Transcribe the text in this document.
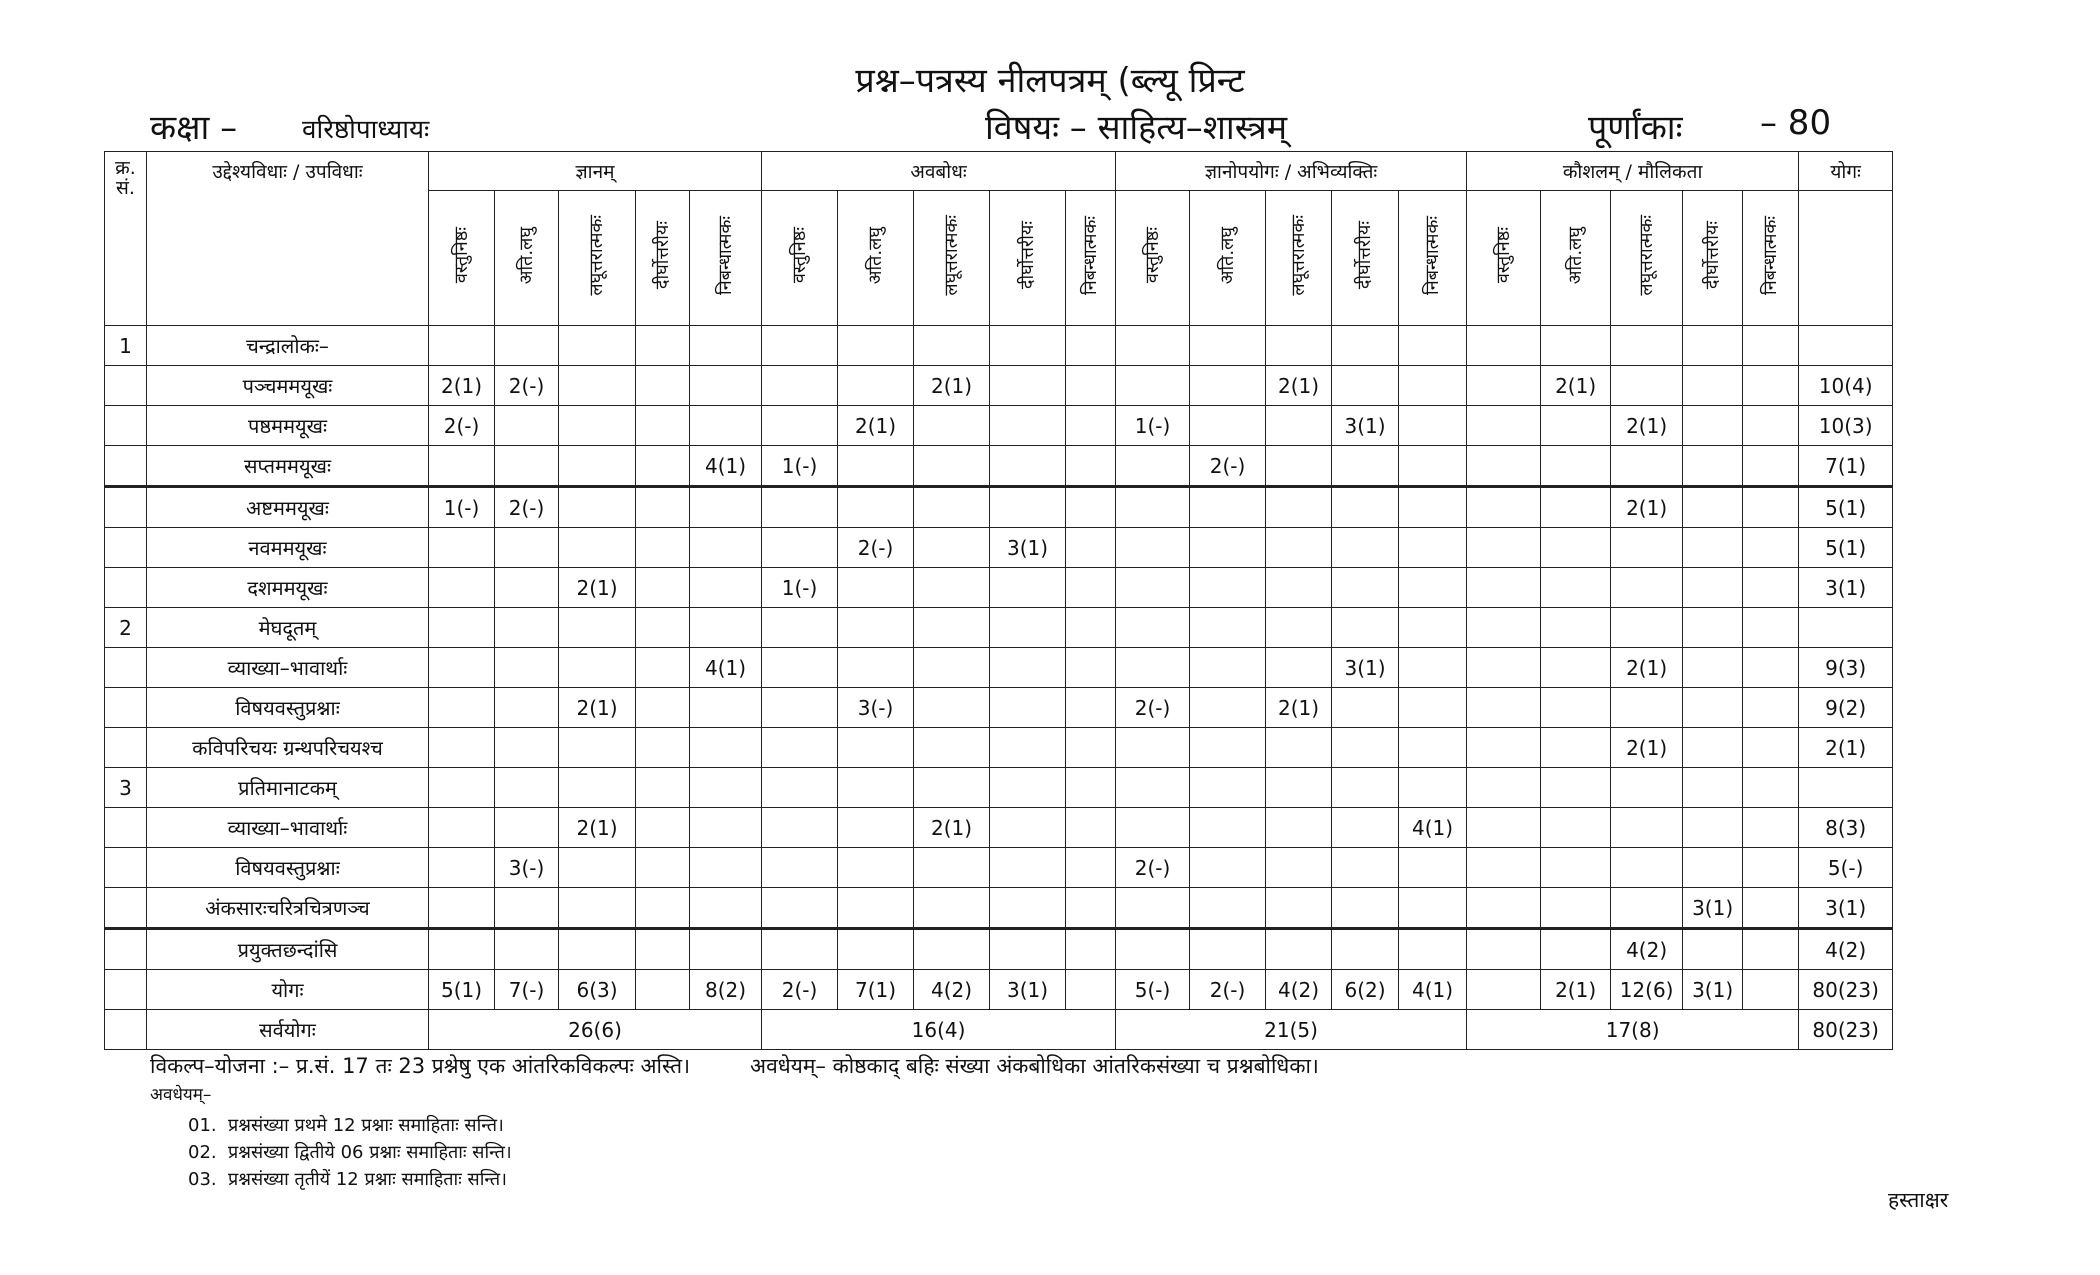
प्रश्न–पत्रस्य नीलपत्रम् (ब्ल्यू प्रिन्ट
कक्षा – वरिष्ठोपाध्यायः	विषयः – साहित्य–शास्त्रम्	पूर्णांकाः – 80
क्र. सं.	उद्देश्यविधाः / उपविधाः	ज्ञानम्					अवबोधः					ज्ञानोपयोगः / अभिव्यक्तिः					कौशलम् / मौलिकता					योगः
		वस्तुनिष्ठः	अति.लघु	लघूत्तरात्मकः	दीर्घोत्तरीयः	निबन्धात्मकः	वस्तुनिष्ठः	अति.लघु	लघूत्तरात्मकः	दीर्घोत्तरीयः	निबन्धात्मकः	वस्तुनिष्ठः	अति.लघु	लघूत्तरात्मकः	दीर्घोत्तरीयः	निबन्धात्मकः	वस्तुनिष्ठः	अति.लघु	लघूत्तरात्मकः	दीर्घोत्तरीयः	निबन्धात्मकः	
1	चन्द्रालोकः–																					
	पञ्चममयूखः	2(1)	2(-)						2(1)					2(1)				2(1)				10(4)
	पष्ठममयूखः	2(-)						2(1)				1(-)			3(1)				2(1)			10(3)
	सप्तममयूखः					4(1)	1(-)						2(-)									7(1)
	अष्टममयूखः	1(-)	2(-)																2(1)			5(1)
	नवममयूखः							2(-)		3(1)												5(1)
	दशममयूखः			2(1)			1(-)															3(1)
2	मेघदूतम्																					
	व्याख्या–भावार्थाः					4(1)									3(1)				2(1)			9(3)
	विषयवस्तुप्रश्नाः			2(1)				3(-)				2(-)		2(1)								9(2)
	कविपरिचयः ग्रन्थपरिचयश्च																		2(1)			2(1)
3	प्रतिमानाटकम्																					
	व्याख्या–भावार्थाः			2(1)					2(1)							4(1)						8(3)
	विषयवस्तुप्रश्नाः		3(-)									2(-)										5(-)
	अंकसारःचरित्रचित्रणञ्च																			3(1)		3(1)
	प्रयुक्तछन्दांसि																		4(2)			4(2)
	योगः	5(1)	7(-)	6(3)		8(2)	2(-)	7(1)	4(2)	3(1)		5(-)	2(-)	4(2)	6(2)	4(1)		2(1)	12(6)	3(1)		80(23)
	सर्वयोगः	26(6)					16(4)					21(5)					17(8)					80(23)
विकल्प–योजना :– प्र.सं. 17 तः 23 प्रश्नेषु एक आंतरिकविकल्पः अस्ति।	अवधेयम्– कोष्ठकाद् बहिः संख्या अंकबोधिका आंतरिकसंख्या च प्रश्नबोधिका।
अवधेयम्–
01. प्रश्नसंख्या प्रथमे 12 प्रश्नाः समाहिताः सन्ति।
02. प्रश्नसंख्या द्वितीये 06 प्रश्नाः समाहिताः सन्ति।
03. प्रश्नसंख्या तृतीयें 12 प्रश्नाः समाहिताः सन्ति।
हस्ताक्षर
